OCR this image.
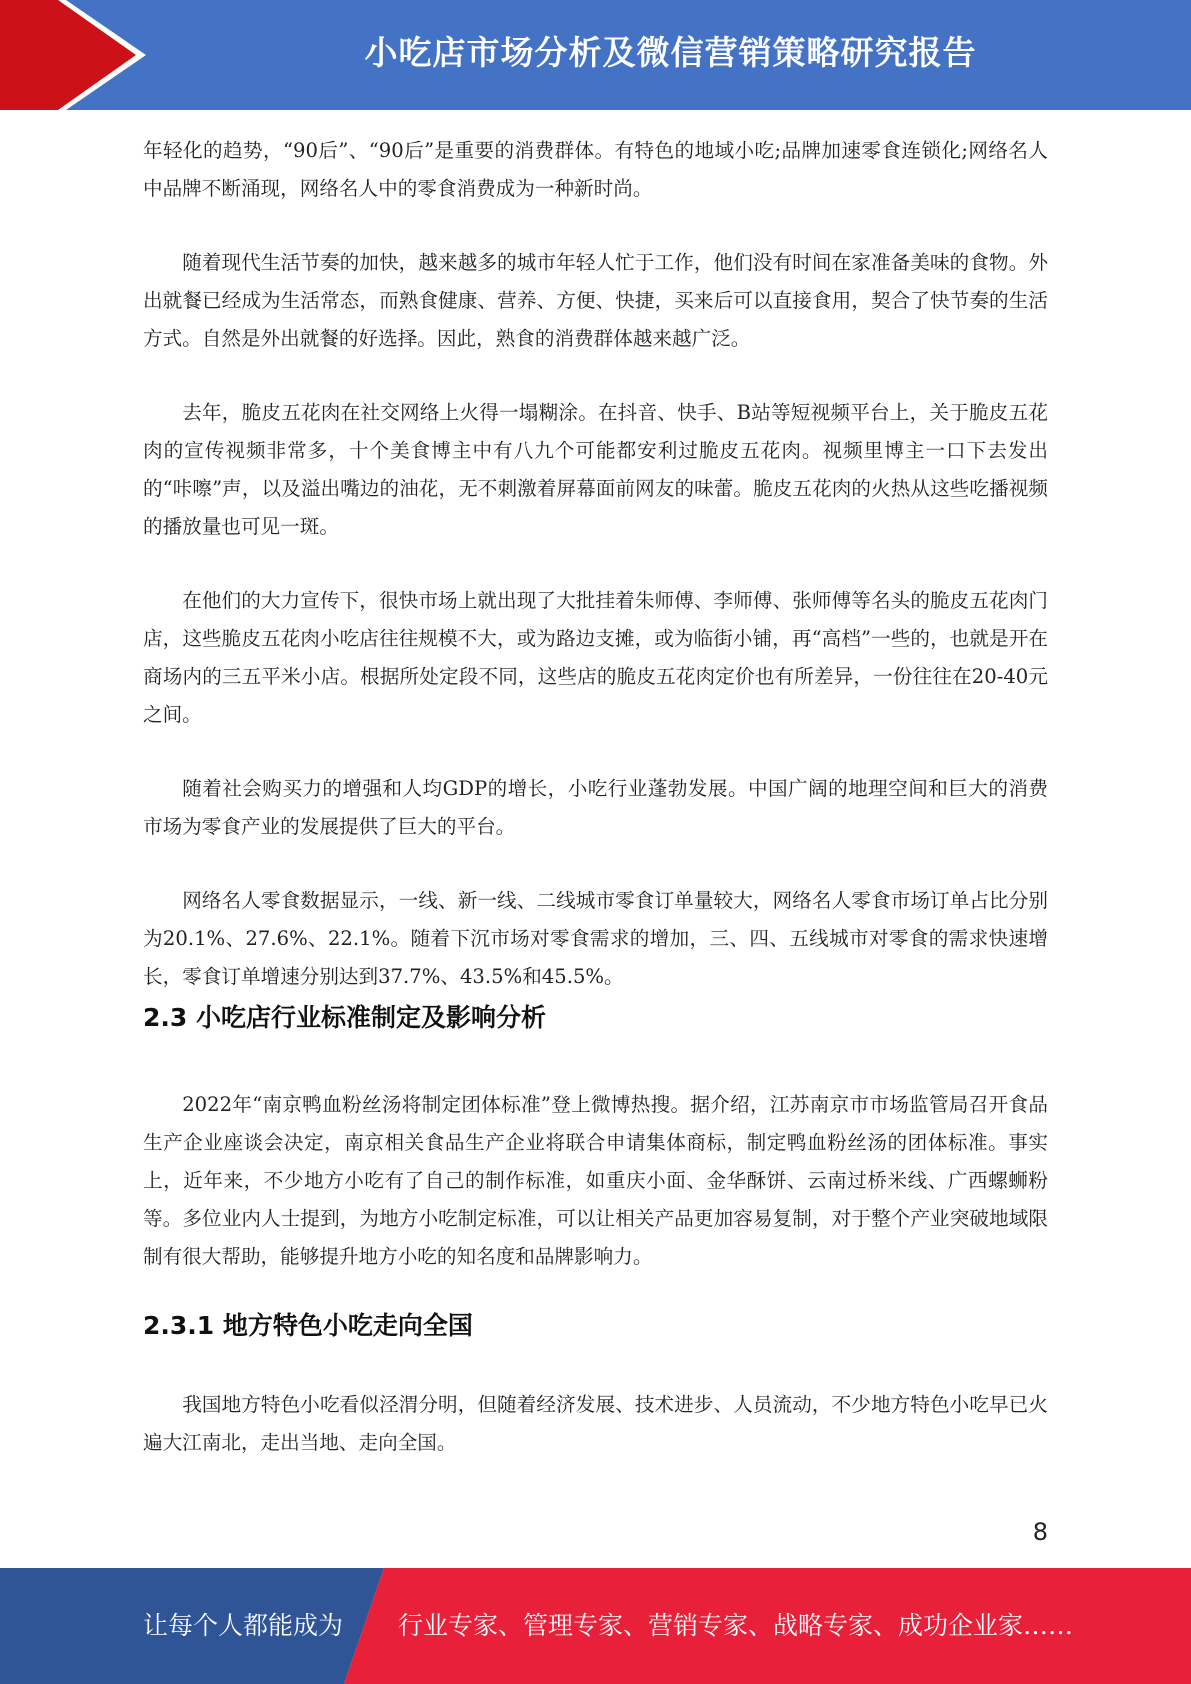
小吃店市场分析及微信营销策略研究报告

年轻化的趋势，“90后”、“90后”是重要的消费群体。有特色的地域小吃;品牌加速零食连锁化;网络名人中品牌不断涌现，网络名人中的零食消费成为一种新时尚。

随着现代生活节奏的加快，越来越多的城市年轻人忙于工作，他们没有时间在家准备美味的食物。外出就餐已经成为生活常态，而熟食健康、营养、方便、快捷，买来后可以直接食用，契合了快节奏的生活方式。自然是外出就餐的好选择。因此，熟食的消费群体越来越广泛。

去年，脆皮五花肉在社交网络上火得一塌糊涂。在抖音、快手、B站等短视频平台上，关于脆皮五花肉的宣传视频非常多，十个美食博主中有八九个可能都安利过脆皮五花肉。视频里博主一口下去发出的“咔嚓”声，以及溢出嘴边的油花，无不刺激着屏幕面前网友的味蕾。脆皮五花肉的火热从这些吃播视频的播放量也可见一斑。

在他们的大力宣传下，很快市场上就出现了大批挂着朱师傅、李师傅、张师傅等名头的脆皮五花肉门店，这些脆皮五花肉小吃店往往规模不大，或为路边支摊，或为临街小铺，再“高档”一些的，也就是开在商场内的三五平米小店。根据所处定段不同，这些店的脆皮五花肉定价也有所差异，一份往往在20-40元之间。

随着社会购买力的增强和人均GDP的增长，小吃行业蓬勃发展。中国广阔的地理空间和巨大的消费市场为零食产业的发展提供了巨大的平台。

网络名人零食数据显示，一线、新一线、二线城市零食订单量较大，网络名人零食市场订单占比分别为20.1%、27.6%、22.1%。随着下沉市场对零食需求的增加，三、四、五线城市对零食的需求快速增长，零食订单增速分别达到37.7%、43.5%和45.5%。

2.3 小吃店行业标准制定及影响分析

2022年“南京鸭血粉丝汤将制定团体标准”登上微博热搜。据介绍，江苏南京市市场监管局召开食品生产企业座谈会决定，南京相关食品生产企业将联合申请集体商标，制定鸭血粉丝汤的团体标准。事实上，近年来，不少地方小吃有了自己的制作标准，如重庆小面、金华酥饼、云南过桥米线、广西螺蛳粉等。多位业内人士提到，为地方小吃制定标准，可以让相关产品更加容易复制，对于整个产业突破地域限制有很大帮助，能够提升地方小吃的知名度和品牌影响力。

2.3.1 地方特色小吃走向全国

我国地方特色小吃看似泾渭分明，但随着经济发展、技术进步、人员流动，不少地方特色小吃早已火遍大江南北，走出当地、走向全国。

8
让每个人都能成为 行业专家、管理专家、营销专家、战略专家、成功企业家……
